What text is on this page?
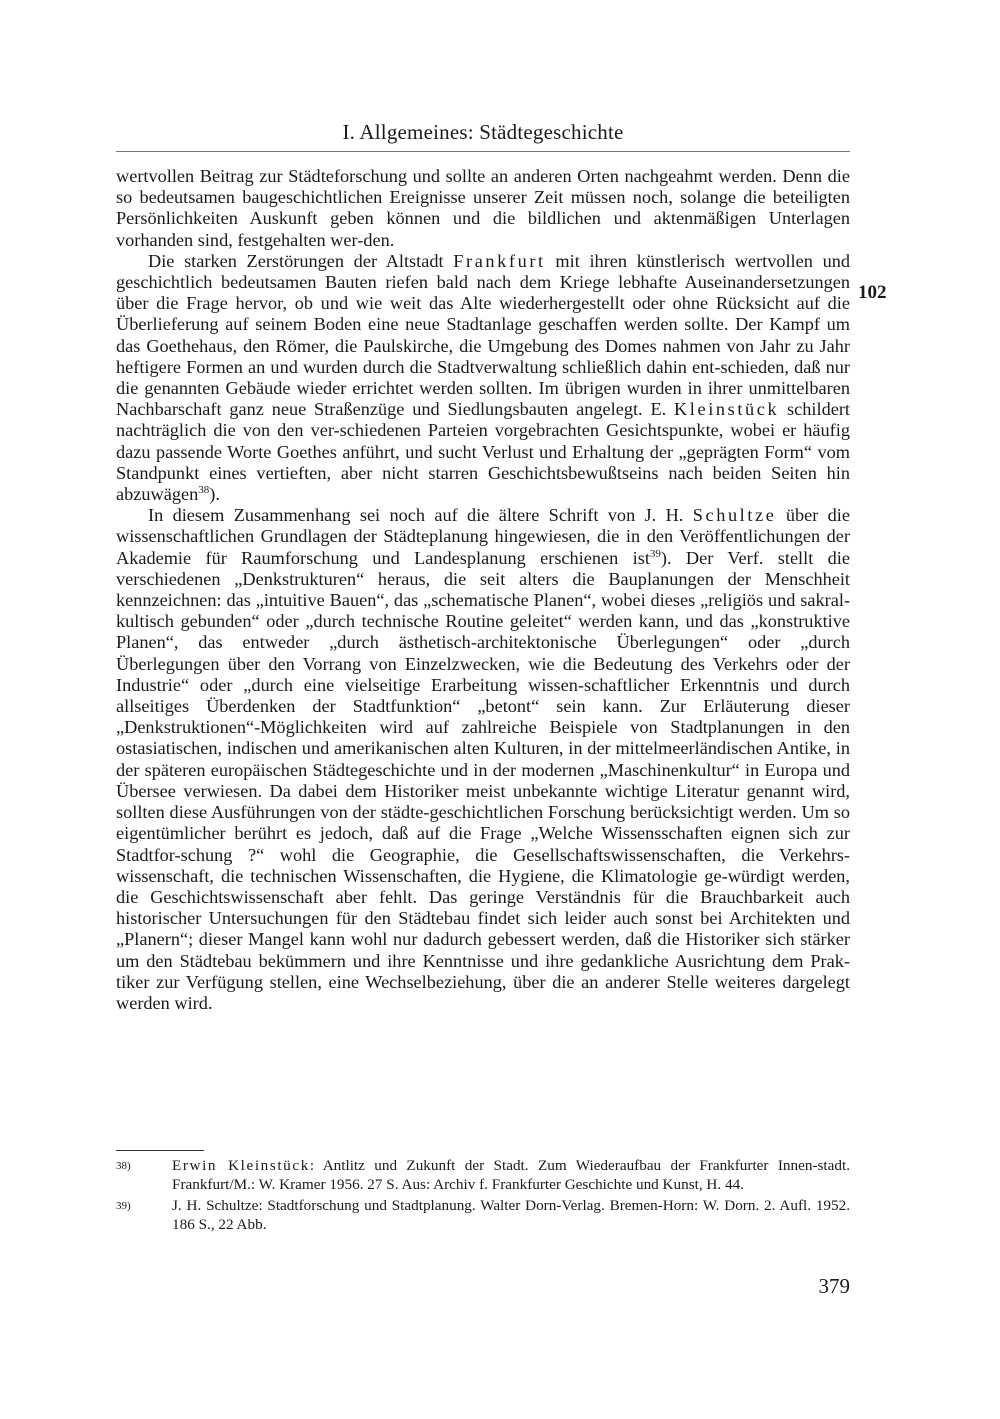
I. Allgemeines: Städtegeschichte
102

wertvollen Beitrag zur Städteforschung und sollte an anderen Orten nachgeahmt werden. Denn die so bedeutsamen baugeschichtlichen Ereignisse unserer Zeit müssen noch, solange die beteiligten Persönlichkeiten Auskunft geben können und die bildlichen und aktenmäßigen Unterlagen vorhanden sind, festgehalten wer-den.

Die starken Zerstörungen der Altstadt Frankfurt mit ihren künstlerisch wertvollen und geschichtlich bedeutsamen Bauten riefen bald nach dem Kriege lebhafte Auseinandersetzungen über die Frage hervor, ob und wie weit das Alte wiederhergestellt oder ohne Rücksicht auf die Überlieferung auf seinem Boden eine neue Stadtanlage geschaffen werden sollte. Der Kampf um das Goethehaus, den Römer, die Paulskirche, die Umgebung des Domes nahmen von Jahr zu Jahr heftigere Formen an und wurden durch die Stadtverwaltung schließlich dahin ent-schieden, daß nur die genannten Gebäude wieder errichtet werden sollten. Im übrigen wurden in ihrer unmittelbaren Nachbarschaft ganz neue Straßenzüge und Siedlungsbauten angelegt. E. Kleinstück schildert nachträglich die von den ver-schiedenen Parteien vorgebrachten Gesichtspunkte, wobei er häufig dazu passende Worte Goethes anführt, und sucht Verlust und Erhaltung der „geprägten Form“ vom Standpunkt eines vertieften, aber nicht starren Geschichtsbewußtseins nach beiden Seiten hin abzuwägen$^{38}$).

In diesem Zusammenhang sei noch auf die ältere Schrift von J. H. Schultze über die wissenschaftlichen Grundlagen der Städteplanung hingewiesen, die in den Veröffentlichungen der Akademie für Raumforschung und Landesplanung erschienen ist$^{39}$). Der Verf. stellt die verschiedenen „Denkstrukturen“ heraus, die seit alters die Bauplanungen der Menschheit kennzeichnen: das „intuitive Bauen“, das „schematische Planen“, wobei dieses „religiös und sakral-kultisch gebunden“ oder „durch technische Routine geleitet“ werden kann, und das „konstruktive Planen“, das entweder „durch ästhetisch-architektonische Überlegungen“ oder „durch Überlegungen über den Vorrang von Einzelzwecken, wie die Bedeutung des Verkehrs oder der Industrie“ oder „durch eine vielseitige Erarbeitung wissen-schaftlicher Erkenntnis und durch allseitiges Überdenken der Stadtfunktion“ „betont“ sein kann. Zur Erläuterung dieser „Denkstruktionen“-Möglichkeiten wird auf zahlreiche Beispiele von Stadtplanungen in den ostasiatischen, indischen und amerikanischen alten Kulturen, in der mittelmeerländischen Antike, in der späteren europäischen Städtegeschichte und in der modernen „Maschinenkultur“ in Europa und Übersee verwiesen. Da dabei dem Historiker meist unbekannte wichtige Literatur genannt wird, sollten diese Ausführungen von der städte-geschichtlichen Forschung berücksichtigt werden. Um so eigentümlicher berührt es jedoch, daß auf die Frage „Welche Wissensschaften eignen sich zur Stadtfor-schung ?“ wohl die Geographie, die Gesellschaftswissenschaften, die Verkehrs-wissenschaft, die technischen Wissenschaften, die Hygiene, die Klimatologie ge-würdigt werden, die Geschichtswissenschaft aber fehlt. Das geringe Verständnis für die Brauchbarkeit auch historischer Untersuchungen für den Städtebau findet sich leider auch sonst bei Architekten und „Planern“; dieser Mangel kann wohl nur dadurch gebessert werden, daß die Historiker sich stärker um den Städtebau bekümmern und ihre Kenntnisse und ihre gedankliche Ausrichtung dem Prak-tiker zur Verfügung stellen, eine Wechselbeziehung, über die an anderer Stelle weiteres dargelegt werden wird.

38)	Erwin Kleinstück: Antlitz und Zukunft der Stadt. Zum Wiederaufbau der Frankfurter Innen-stadt. Frankfurt/M.: W. Kramer 1956. 27 S. Aus: Archiv f. Frankfurter Geschichte und Kunst, H. 44.
39)	J. H. Schultze: Stadtforschung und Stadtplanung. Walter Dorn-Verlag. Bremen-Horn: W. Dorn. 2. Aufl. 1952. 186 S., 22 Abb.
379
